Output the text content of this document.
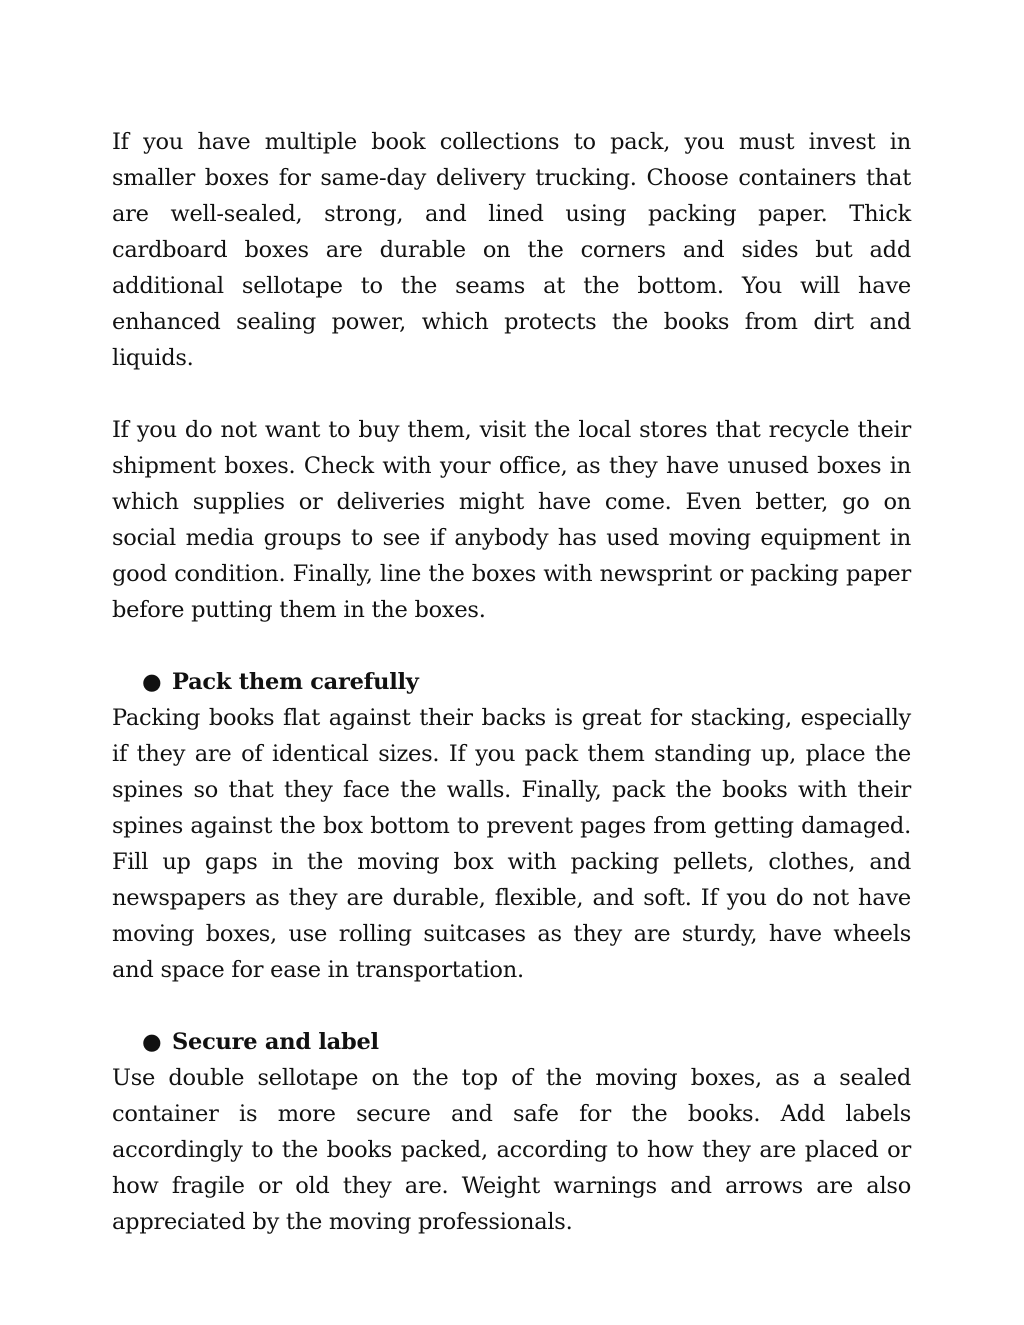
If you have multiple book collections to pack, you must invest in smaller boxes for same-day delivery trucking. Choose containers that are well-sealed, strong, and lined using packing paper. Thick cardboard boxes are durable on the corners and sides but add additional sellotape to the seams at the bottom. You will have enhanced sealing power, which protects the books from dirt and liquids.

If you do not want to buy them, visit the local stores that recycle their shipment boxes. Check with your office, as they have unused boxes in which supplies or deliveries might have come. Even better, go on social media groups to see if anybody has used moving equipment in good condition. Finally, line the boxes with newsprint or packing paper before putting them in the boxes.

● Pack them carefully

Packing books flat against their backs is great for stacking, especially if they are of identical sizes. If you pack them standing up, place the spines so that they face the walls. Finally, pack the books with their spines against the box bottom to prevent pages from getting damaged. Fill up gaps in the moving box with packing pellets, clothes, and newspapers as they are durable, flexible, and soft. If you do not have moving boxes, use rolling suitcases as they are sturdy, have wheels and space for ease in transportation.

● Secure and label

Use double sellotape on the top of the moving boxes, as a sealed container is more secure and safe for the books. Add labels accordingly to the books packed, according to how they are placed or how fragile or old they are. Weight warnings and arrows are also appreciated by the moving professionals.
